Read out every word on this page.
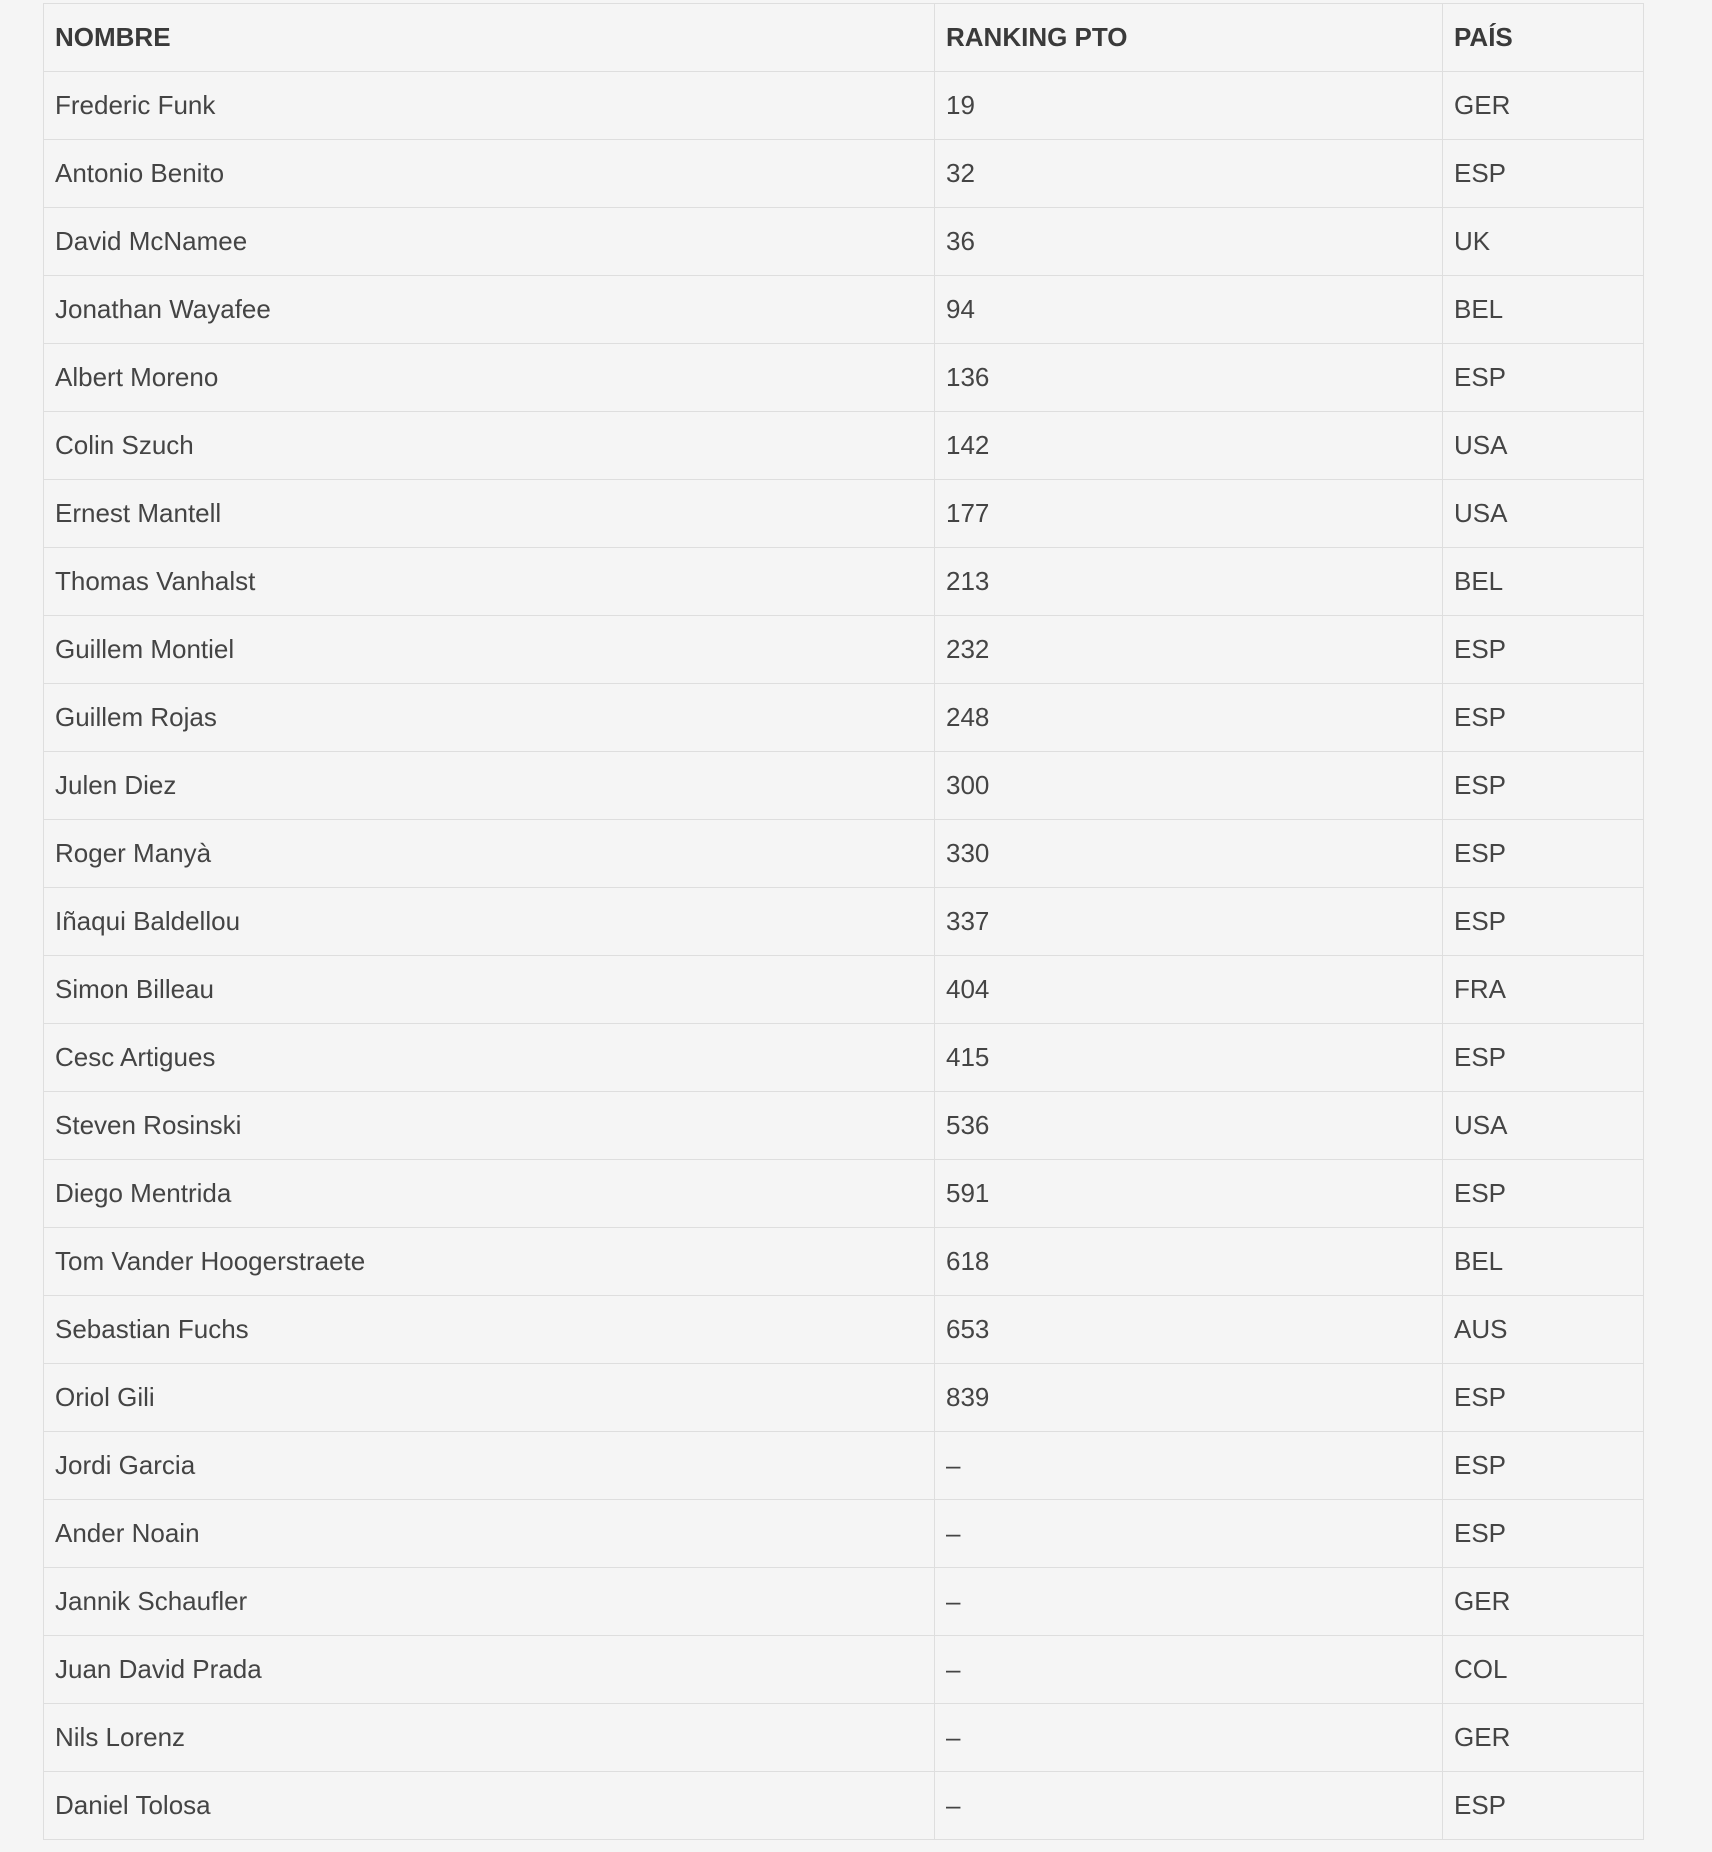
NOMBRE	RANKING PTO	PAÍS
Frederic Funk	19	GER
Antonio Benito	32	ESP
David McNamee	36	UK
Jonathan Wayafee	94	BEL
Albert Moreno	136	ESP
Colin Szuch	142	USA
Ernest Mantell	177	USA
Thomas Vanhalst	213	BEL
Guillem Montiel	232	ESP
Guillem Rojas	248	ESP
Julen Diez	300	ESP
Roger Manyà	330	ESP
Iñaqui Baldellou	337	ESP
Simon Billeau	404	FRA
Cesc Artigues	415	ESP
Steven Rosinski	536	USA
Diego Mentrida	591	ESP
Tom Vander Hoogerstraete	618	BEL
Sebastian Fuchs	653	AUS
Oriol Gili	839	ESP
Jordi Garcia	–	ESP
Ander Noain	–	ESP
Jannik Schaufler	–	GER
Juan David Prada	–	COL
Nils Lorenz	–	GER
Daniel Tolosa	–	ESP
